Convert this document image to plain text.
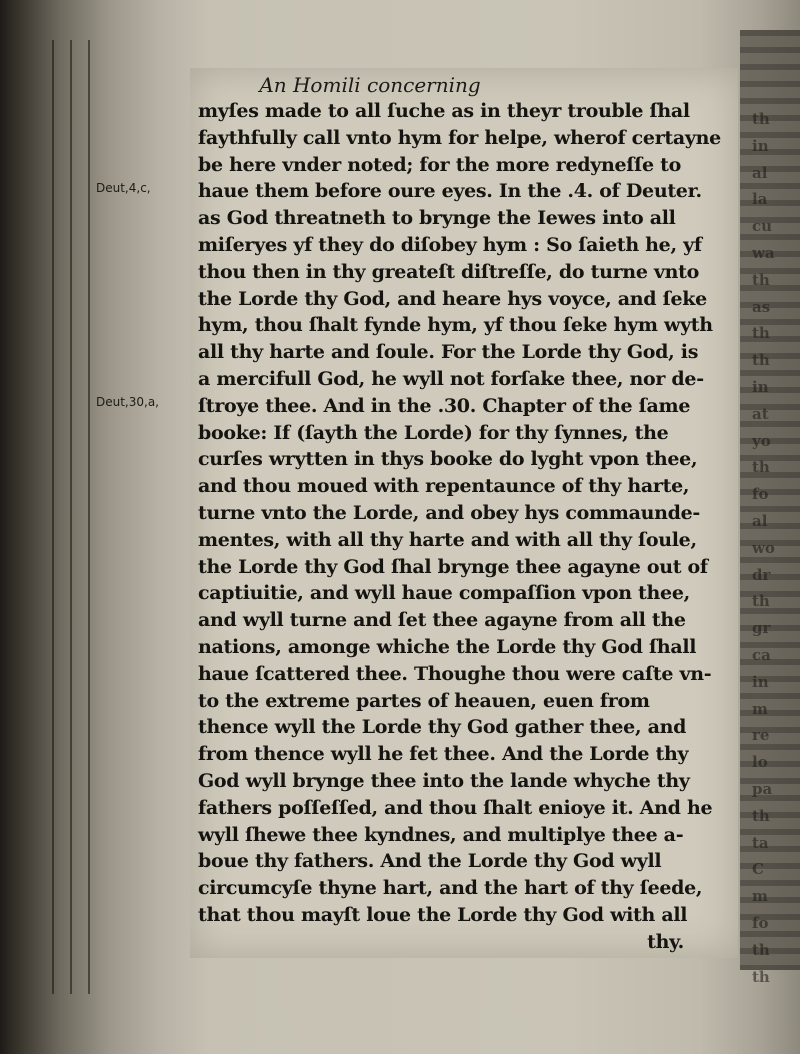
An Homili concerning
Deut,4,c,
Deut,30,a,
myſes made to all ſuche as in theyr trouble ſhal
faythfully call vnto hym for helpe, wherof certayne
be here vnder noted; for the more redyneſſe to
haue them before oure eyes. In the .4. of Deuter.
as God threatneth to brynge the Iewes into all
miſeryes yf they do diſobey hym : So ſaieth he, yf
thou then in thy greateſt diſtreſſe, do turne vnto
the Lorde thy God, and heare hys voyce, and ſeke
hym, thou ſhalt fynde hym, yf thou ſeke hym wyth
all thy harte and ſoule. For the Lorde thy God, is
a mercifull God, he wyll not forſake thee, nor de-
ſtroye thee. And in the .30. Chapter of the ſame
booke: If (ſayth the Lorde) for thy ſynnes, the
curſes wrytten in thys booke do lyght vpon thee,
and thou moued with repentaunce of thy harte,
turne vnto the Lorde, and obey hys commaunde-
mentes, with all thy harte and with all thy ſoule,
the Lorde thy God ſhal brynge thee agayne out of
captiuitie, and wyll haue compaſſion vpon thee,
and wyll turne and ſet thee agayne from all the
nations, amonge whiche the Lorde thy God ſhall
haue ſcattered thee. Thoughe thou were caſte vn-
to the extreme partes of heauen, euen from
thence wyll the Lorde thy God gather thee, and
from thence wyll he fet thee. And the Lorde thy
God wyll brynge thee into the lande whyche thy
fathers poſſeſſed, and thou ſhalt enioye it. And he
wyll ſhewe thee kyndnes, and multiplye thee a-
boue thy fathers. And the Lorde thy God wyll
circumcyſe thyne hart, and the hart of thy ſeede,
that thou mayſt loue the Lorde thy God with all
thy.
th
in
al
la
cu
wa
th
as
th
th
in
at
yo
th
fo
al
wo
dr
th
gr
ca
in
m
re
lo
pa
th
ta
C
m
fo
th
th
